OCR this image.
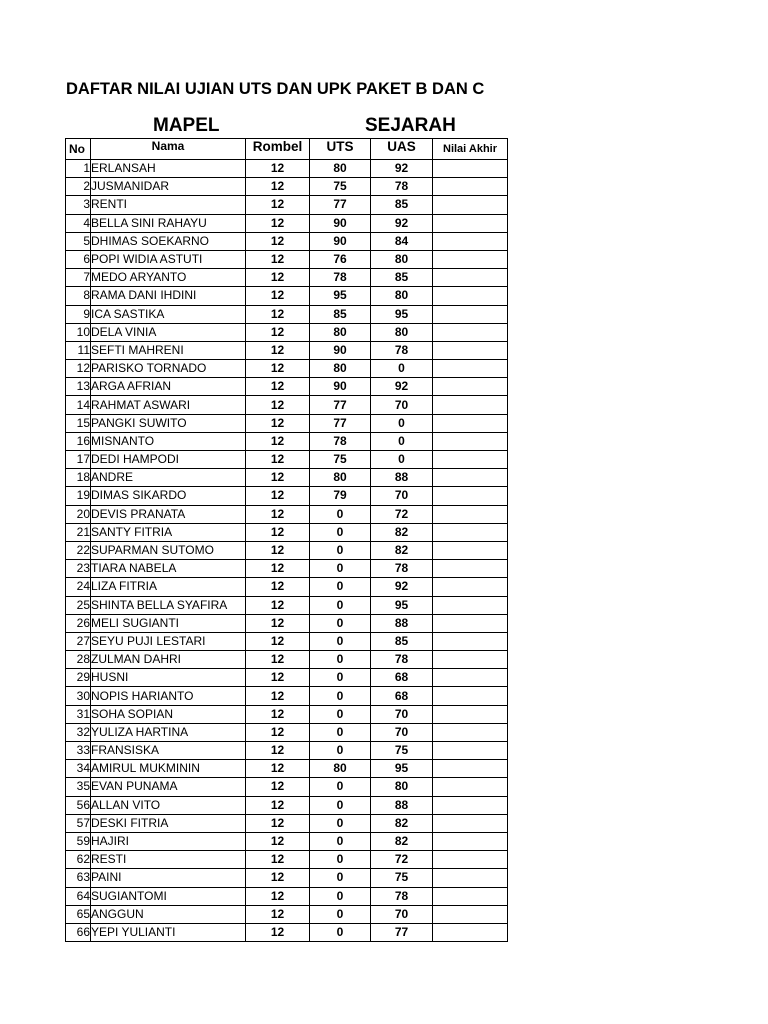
DAFTAR NILAI UJIAN UTS DAN UPK PAKET B DAN C
MAPEL	SEJARAH
No	Nama	Rombel	UTS	UAS	Nilai Akhir
1	ERLANSAH	12	80	92	
2	JUSMANIDAR	12	75	78	
3	RENTI	12	77	85	
4	BELLA SINI RAHAYU	12	90	92	
5	DHIMAS SOEKARNO	12	90	84	
6	POPI WIDIA ASTUTI	12	76	80	
7	MEDO ARYANTO	12	78	85	
8	RAMA DANI IHDINI	12	95	80	
9	ICA SASTIKA	12	85	95	
10	DELA VINIA	12	80	80	
11	SEFTI MAHRENI	12	90	78	
12	PARISKO TORNADO	12	80	0	
13	ARGA AFRIAN	12	90	92	
14	RAHMAT ASWARI	12	77	70	
15	PANGKI SUWITO	12	77	0	
16	MISNANTO	12	78	0	
17	DEDI HAMPODI	12	75	0	
18	ANDRE	12	80	88	
19	DIMAS SIKARDO	12	79	70	
20	DEVIS PRANATA	12	0	72	
21	SANTY FITRIA	12	0	82	
22	SUPARMAN SUTOMO	12	0	82	
23	TIARA NABELA	12	0	78	
24	LIZA FITRIA	12	0	92	
25	SHINTA BELLA SYAFIRA	12	0	95	
26	MELI SUGIANTI	12	0	88	
27	SEYU PUJI LESTARI	12	0	85	
28	ZULMAN DAHRI	12	0	78	
29	HUSNI	12	0	68	
30	NOPIS HARIANTO	12	0	68	
31	SOHA SOPIAN	12	0	70	
32	YULIZA HARTINA	12	0	70	
33	FRANSISKA	12	0	75	
34	AMIRUL MUKMININ	12	80	95	
35	EVAN PUNAMA	12	0	80	
56	ALLAN VITO	12	0	88	
57	DESKI FITRIA	12	0	82	
59	HAJIRI	12	0	82	
62	RESTI	12	0	72	
63	PAINI	12	0	75	
64	SUGIANTOMI	12	0	78	
65	ANGGUN	12	0	70	
66	YEPI YULIANTI	12	0	77	
